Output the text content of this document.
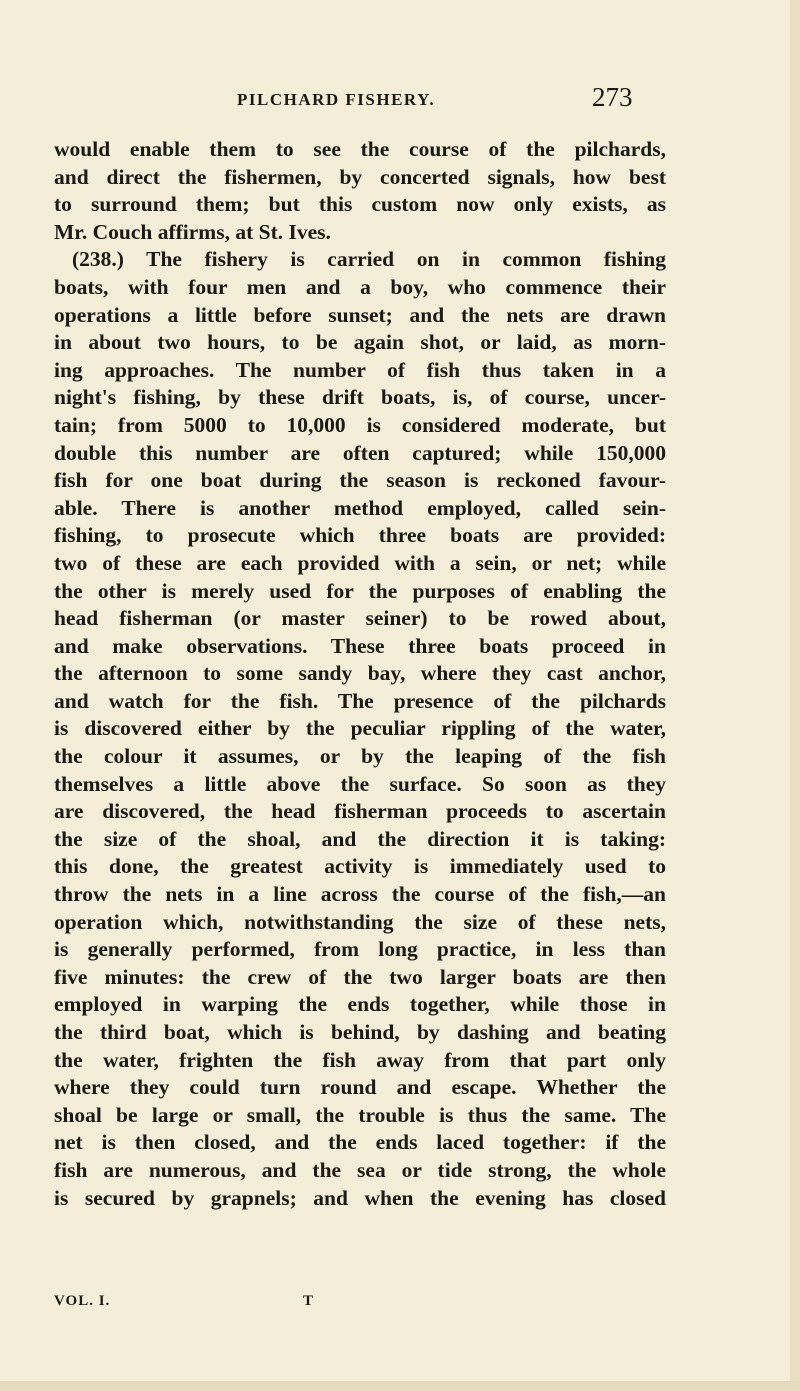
PILCHARD FISHERY.	273
would enable them to see the course of the pilchards,
and direct the fishermen, by concerted signals, how best
to surround them; but this custom now only exists, as
Mr. Couch affirms, at St. Ives.
(238.) The fishery is carried on in common fishing
boats, with four men and a boy, who commence their
operations a little before sunset; and the nets are drawn
in about two hours, to be again shot, or laid, as morn-
ing approaches. The number of fish thus taken in a
night's fishing, by these drift boats, is, of course, uncer-
tain; from 5000 to 10,000 is considered moderate, but
double this number are often captured; while 150,000
fish for one boat during the season is reckoned favour-
able. There is another method employed, called sein-
fishing, to prosecute which three boats are provided:
two of these are each provided with a sein, or net; while
the other is merely used for the purposes of enabling the
head fisherman (or master seiner) to be rowed about,
and make observations. These three boats proceed in
the afternoon to some sandy bay, where they cast anchor,
and watch for the fish. The presence of the pilchards
is discovered either by the peculiar rippling of the water,
the colour it assumes, or by the leaping of the fish
themselves a little above the surface. So soon as they
are discovered, the head fisherman proceeds to ascertain
the size of the shoal, and the direction it is taking:
this done, the greatest activity is immediately used to
throw the nets in a line across the course of the fish,—an
operation which, notwithstanding the size of these nets,
is generally performed, from long practice, in less than
five minutes: the crew of the two larger boats are then
employed in warping the ends together, while those in
the third boat, which is behind, by dashing and beating
the water, frighten the fish away from that part only
where they could turn round and escape. Whether the
shoal be large or small, the trouble is thus the same. The
net is then closed, and the ends laced together: if the
fish are numerous, and the sea or tide strong, the whole
is secured by grapnels; and when the evening has closed
VOL. I.	T
